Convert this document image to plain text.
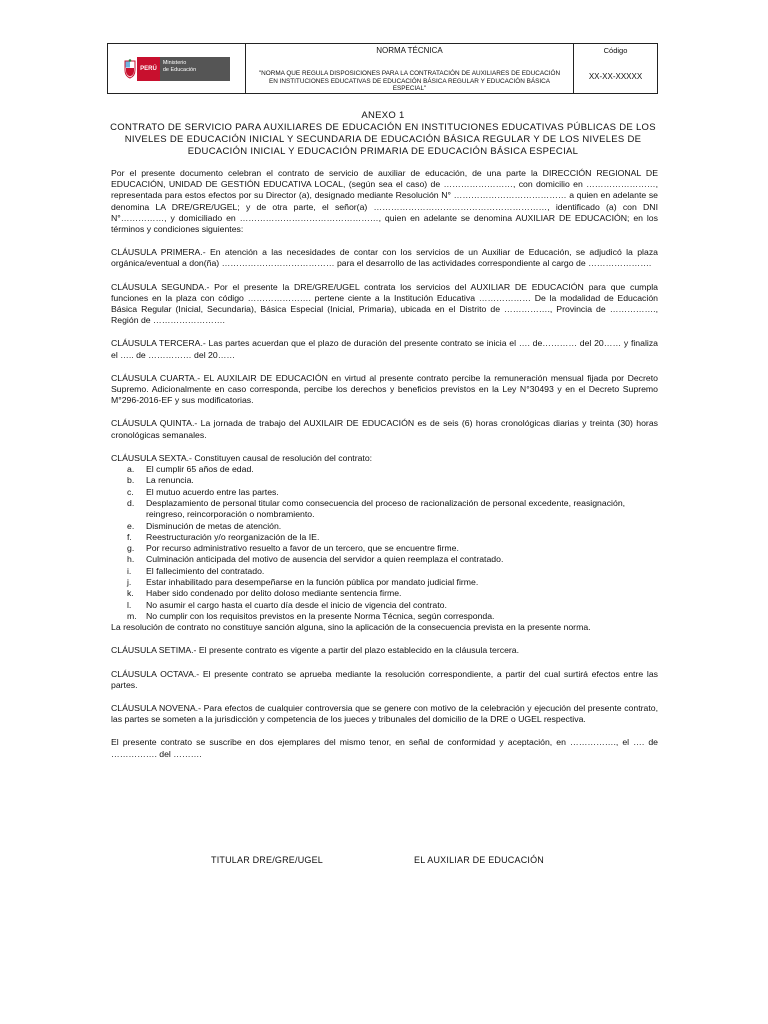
PERÚ
Ministerio
de Educación
NORMA TÉCNICA
"NORMA QUE REGULA DISPOSICIONES PARA LA CONTRATACIÓN DE AUXILIARES DE EDUCACIÓN EN INSTITUCIONES EDUCATIVAS DE EDUCACIÓN BÁSICA REGULAR Y EDUCACIÓN BÁSICA ESPECIAL"
Código
XX-XX-XXXXX
ANEXO 1
CONTRATO DE SERVICIO PARA AUXILIARES DE EDUCACIÓN EN INSTITUCIONES EDUCATIVAS PÚBLICAS DE LOS NIVELES DE EDUCACIÓN INICIAL Y SECUNDARIA DE EDUCACIÓN BÁSICA REGULAR Y DE LOS NIVELES DE EDUCACIÓN INICIAL Y EDUCACIÓN PRIMARIA DE EDUCACIÓN BÁSICA ESPECIAL

Por el presente documento celebran el contrato de servicio de auxiliar de educación, de una parte la DIRECCIÓN REGIONAL DE EDUCACIÓN, UNIDAD DE GESTIÓN EDUCATIVA LOCAL, (según sea el caso) de ……………………, con domicilio en ……………………, representada para estos efectos por su Director (a), designado mediante Resolución N° ………………………………… a quien en adelante se denomina LA DRE/GRE/UGEL; y de otra parte, el señor(a) ……………………………………………………, identificado (a) con DNI N°……………, y domiciliado en …………………………………………, quien en adelante se denomina AUXILIAR DE EDUCACIÓN; en los términos y condiciones siguientes:

CLÁUSULA PRIMERA.- En atención a las necesidades de contar con los servicios de un Auxiliar de Educación, se adjudicó la plaza orgánica/eventual a don(ña) ………………………………… para el desarrollo de las actividades correspondiente al cargo de ………………….

CLÁUSULA SEGUNDA.- Por el presente la DRE/GRE/UGEL contrata los servicios del AUXILIAR DE EDUCACIÓN para que cumpla funciones en la plaza con código …………………. pertene ciente a la Institución Educativa ……………… De la modalidad de Educación Básica Regular (Inicial, Secundaria), Básica Especial (Inicial, Primaria), ubicada en el Distrito de ……………., Provincia de ……………., Región de …………………….

CLÁUSULA TERCERA.- Las partes acuerdan que el plazo de duración del presente contrato se inicia el …. de………… del 20…… y finaliza el ….. de …………… del 20……

CLÁUSULA CUARTA.- EL AUXILAIR DE EDUCACIÓN en virtud al presente contrato percibe la remuneración mensual fijada por Decreto Supremo. Adicionalmente en caso corresponda, percibe los derechos y beneficios previstos en la Ley N°30493 y en el Decreto Supremo M°296-2016-EF y sus modificatorias.

CLÁUSULA QUINTA.- La jornada de trabajo del AUXILAIR DE EDUCACIÓN es de seis (6) horas cronológicas diarias y treinta (30) horas cronológicas semanales.

CLÁUSULA SEXTA.- Constituyen causal de resolución del contrato:

a.	El cumplir 65 años de edad.
b.	La renuncia.
c.	El mutuo acuerdo entre las partes.
d.	Desplazamiento de personal titular como consecuencia del proceso de racionalización de personal excedente, reasignación, reingreso, reincorporación o nombramiento.
e.	Disminución de metas de atención.
f.	Reestructuración y/o reorganización de la IE.
g.	Por recurso administrativo resuelto a favor de un tercero, que se encuentre firme.
h.	Culminación anticipada del motivo de ausencia del servidor a quien reemplaza el contratado.
i.	El fallecimiento del contratado.
j.	Estar inhabilitado para desempeñarse en la función pública por mandato judicial firme.
k.	Haber sido condenado por delito doloso mediante sentencia firme.
l.	No asumir el cargo hasta el cuarto día desde el inicio de vigencia del contrato.
m.	No cumplir con los requisitos previstos en la presente Norma Técnica, según corresponda.

La resolución de contrato no constituye sanción alguna, sino la aplicación de la consecuencia prevista en la presente norma.

CLÁUSULA SETIMA.- El presente contrato es vigente a partir del plazo establecido en la cláusula tercera.

CLÁUSULA OCTAVA.- El presente contrato se aprueba mediante la resolución correspondiente, a partir del cual surtirá efectos entre las partes.

CLÁUSULA NOVENA.- Para efectos de cualquier controversia que se genere con motivo de la celebración y ejecución del presente contrato, las partes se someten a la jurisdicción y competencia de los jueces y tribunales del domicilio de la DRE o UGEL respectiva.

El presente contrato se suscribe en dos ejemplares del mismo tenor, en señal de conformidad y aceptación, en ……………., el …. de ……………. del ……….

TITULAR DRE/GRE/UGEL	EL AUXILIAR DE EDUCACIÓN
